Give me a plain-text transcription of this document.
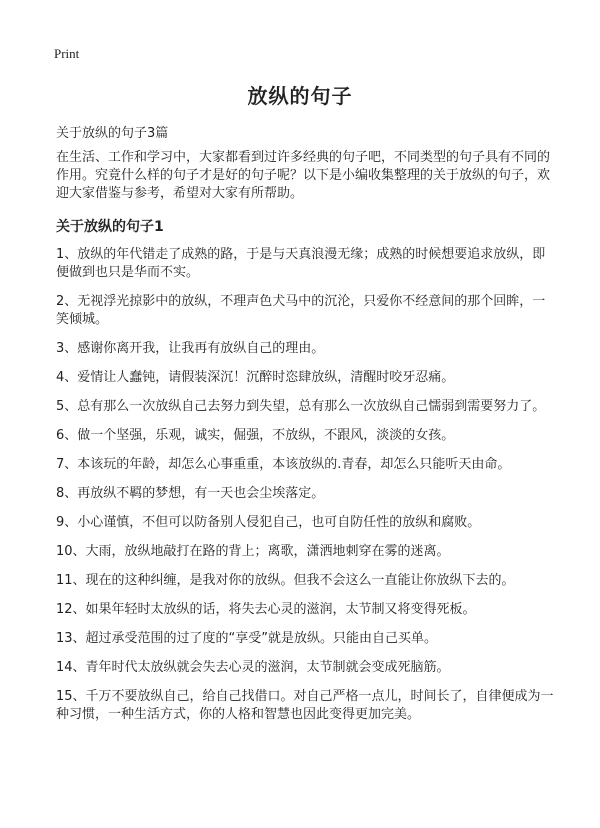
Print
放纵的句子

关于放纵的句子3篇

在生活、工作和学习中，大家都看到过许多经典的句子吧，不同类型的句子具有不同的作用。究竟什么样的句子才是好的句子呢？以下是小编收集整理的关于放纵的句子，欢迎大家借鉴与参考，希望对大家有所帮助。

关于放纵的句子1
1、放纵的年代错走了成熟的路，于是与天真浪漫无缘；成熟的时候想要追求放纵，即便做到也只是华而不实。
2、无视浮光掠影中的放纵，不理声色犬马中的沉沦，只爱你不经意间的那个回眸，一笑倾城。
3、感谢你离开我，让我再有放纵自己的理由。
4、爱情让人蠢钝，请假装深沉！沉醉时恣肆放纵，清醒时咬牙忍痛。
5、总有那么一次放纵自己去努力到失望，总有那么一次放纵自己懦弱到需要努力了。
6、做一个坚强，乐观，诚实，倔强，不放纵，不跟风，淡淡的女孩。
7、本该玩的年龄，却怎么心事重重，本该放纵的.青春，却怎么只能听天由命。
8、再放纵不羁的梦想，有一天也会尘埃落定。
9、小心谨慎，不但可以防备别人侵犯自己，也可自防任性的放纵和腐败。
10、大雨，放纵地敲打在路的背上；离歌，潇洒地刺穿在雾的迷离。
11、现在的这种纠缠，是我对你的放纵。但我不会这么一直能让你放纵下去的。
12、如果年轻时太放纵的话，将失去心灵的滋润，太节制又将变得死板。
13、超过承受范围的过了度的“享受”就是放纵。只能由自己买单。
14、青年时代太放纵就会失去心灵的滋润，太节制就会变成死脑筋。
15、千万不要放纵自己，给自己找借口。对自己严格一点儿，时间长了，自律便成为一种习惯，一种生活方式，你的人格和智慧也因此变得更加完美。
